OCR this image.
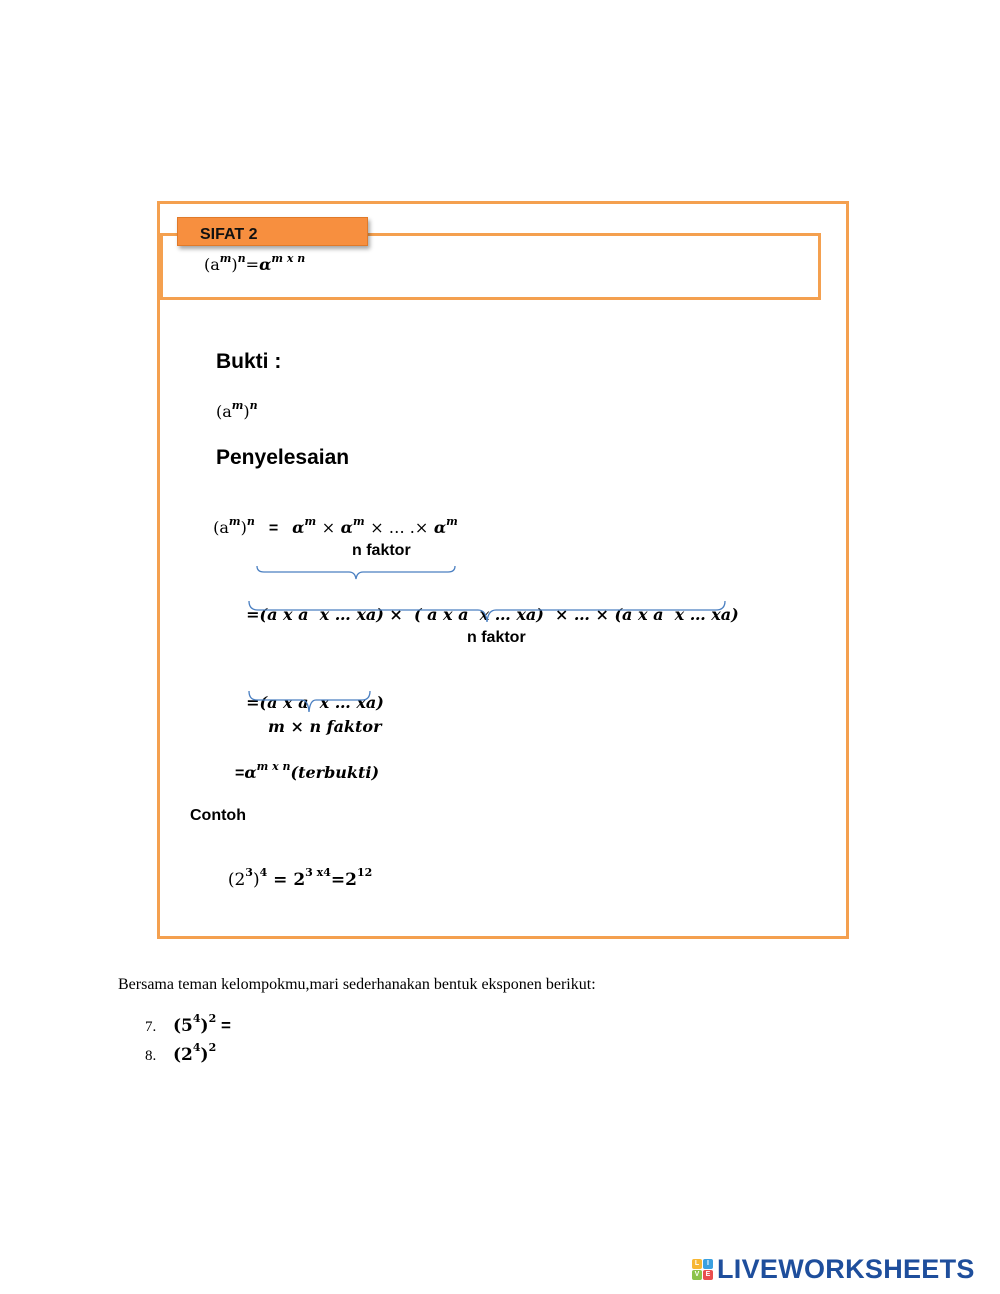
SIFAT 2
$(a^m)^n=\alpha^{m x n}$
Bukti :
$(a^m)^n$
Penyelesaian

$(a^m)^n = \alpha^m \times \alpha^m$ × … .× $\alpha^m$

n faktor

=(a x a  x … xa) ×  ( a x a  x … xa)  × … × (a x a  x … xa)

n faktor

=(a x a  x … xa)

m × n faktor
$=\alpha^{m x n}(terbukti)$
Contoh

$(2^3)^4 = 2^{3 x4}=2^{12}$

Bersama teman kelompokmu,mari sederhanakan bentuk eksponen berikut:
7. $(5^4)^2$ =
8. $(2^4)^2$
L	I
V E LIVEWORKSHEETS
